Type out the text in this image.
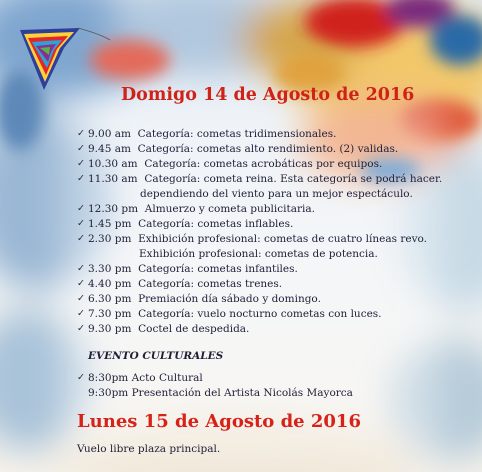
Domigo 14 de Agosto de 2016
✓ 9.00 am Categoría: cometas tridimensionales.
✓ 9.45 am Categoría: cometas alto rendimiento. (2) validas.
✓ 10.30 am Categoría: cometas acrobáticas por equipos.
✓ 11.30 am Categoría: cometa reina. Esta categoría se podrá hacer.
dependiendo del viento para un mejor espectáculo.
✓ 12.30 pm Almuerzo y cometa publicitaria.
✓ 1.45 pm Categoría: cometas inflables.
✓ 2.30 pm Exhibición profesional: cometas de cuatro líneas revo.
Exhibición profesional: cometas de potencia.
✓ 3.30 pm Categoría: cometas infantiles.
✓ 4.40 pm Categoría: cometas trenes.
✓ 6.30 pm Premiación día sábado y domingo.
✓ 7.30 pm Categoría: vuelo nocturno cometas con luces.
✓ 9.30 pm Coctel de despedida.
EVENTO CULTURALES
✓ 8:30pm Acto Cultural
9:30pm Presentación del Artista Nicolás Mayorca
Lunes 15 de Agosto de 2016
Vuelo libre plaza principal.
